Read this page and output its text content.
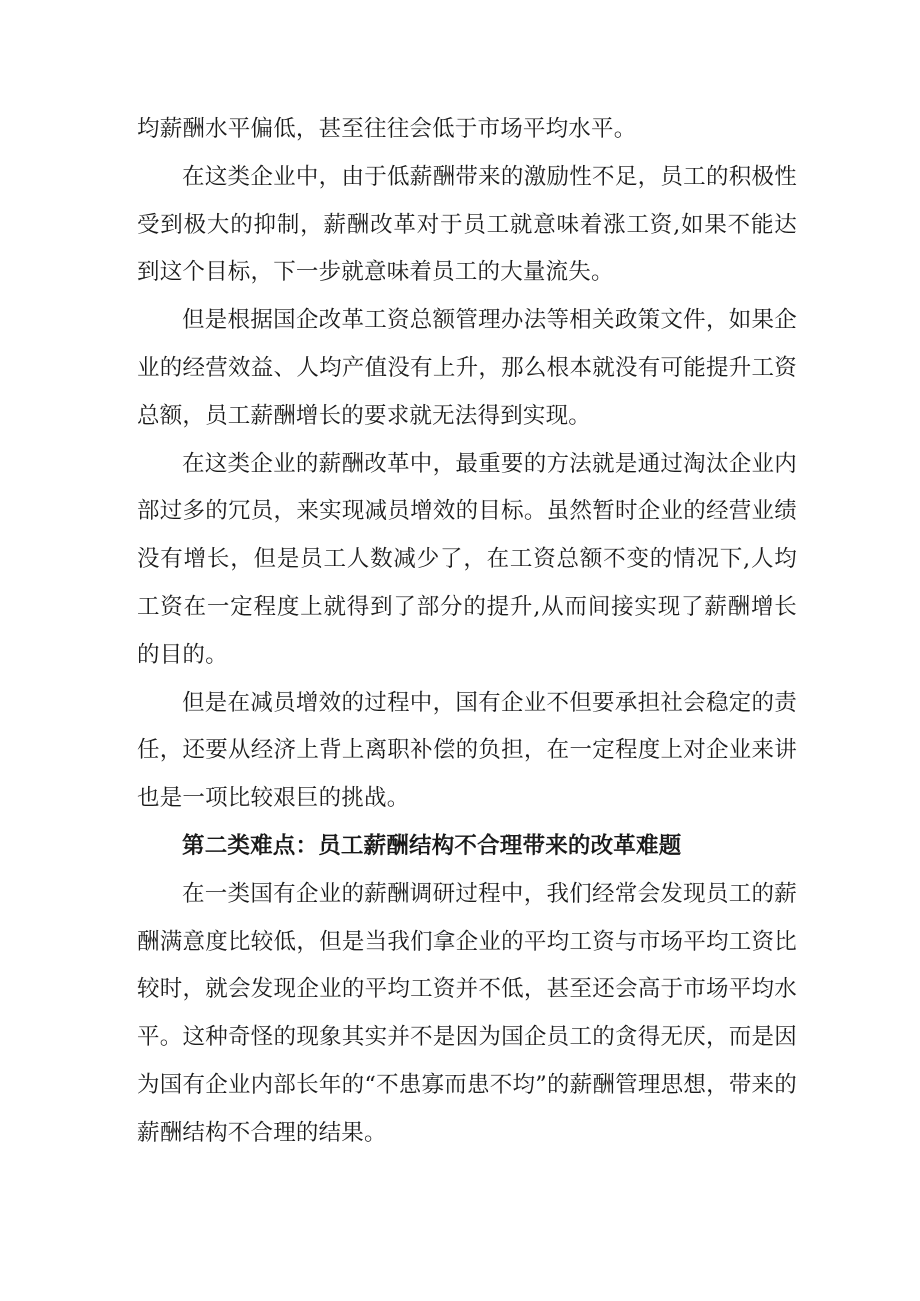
均薪酬水平偏低，甚至往往会低于市场平均水平。

在这类企业中，由于低薪酬带来的激励性不足，员工的积极性受到极大的抑制，薪酬改革对于员工就意味着涨工资,如果不能达到这个目标，下一步就意味着员工的大量流失。

但是根据国企改革工资总额管理办法等相关政策文件，如果企业的经营效益、人均产值没有上升，那么根本就没有可能提升工资总额，员工薪酬增长的要求就无法得到实现。

在这类企业的薪酬改革中，最重要的方法就是通过淘汰企业内部过多的冗员，来实现减员增效的目标。虽然暂时企业的经营业绩没有增长，但是员工人数减少了，在工资总额不变的情况下,人均工资在一定程度上就得到了部分的提升,从而间接实现了薪酬增长的目的。

但是在减员增效的过程中，国有企业不但要承担社会稳定的责任，还要从经济上背上离职补偿的负担，在一定程度上对企业来讲也是一项比较艰巨的挑战。

第二类难点：员工薪酬结构不合理带来的改革难题

在一类国有企业的薪酬调研过程中，我们经常会发现员工的薪酬满意度比较低，但是当我们拿企业的平均工资与市场平均工资比较时，就会发现企业的平均工资并不低，甚至还会高于市场平均水平。这种奇怪的现象其实并不是因为国企员工的贪得无厌，而是因为国有企业内部长年的“不患寡而患不均”的薪酬管理思想，带来的薪酬结构不合理的结果。
